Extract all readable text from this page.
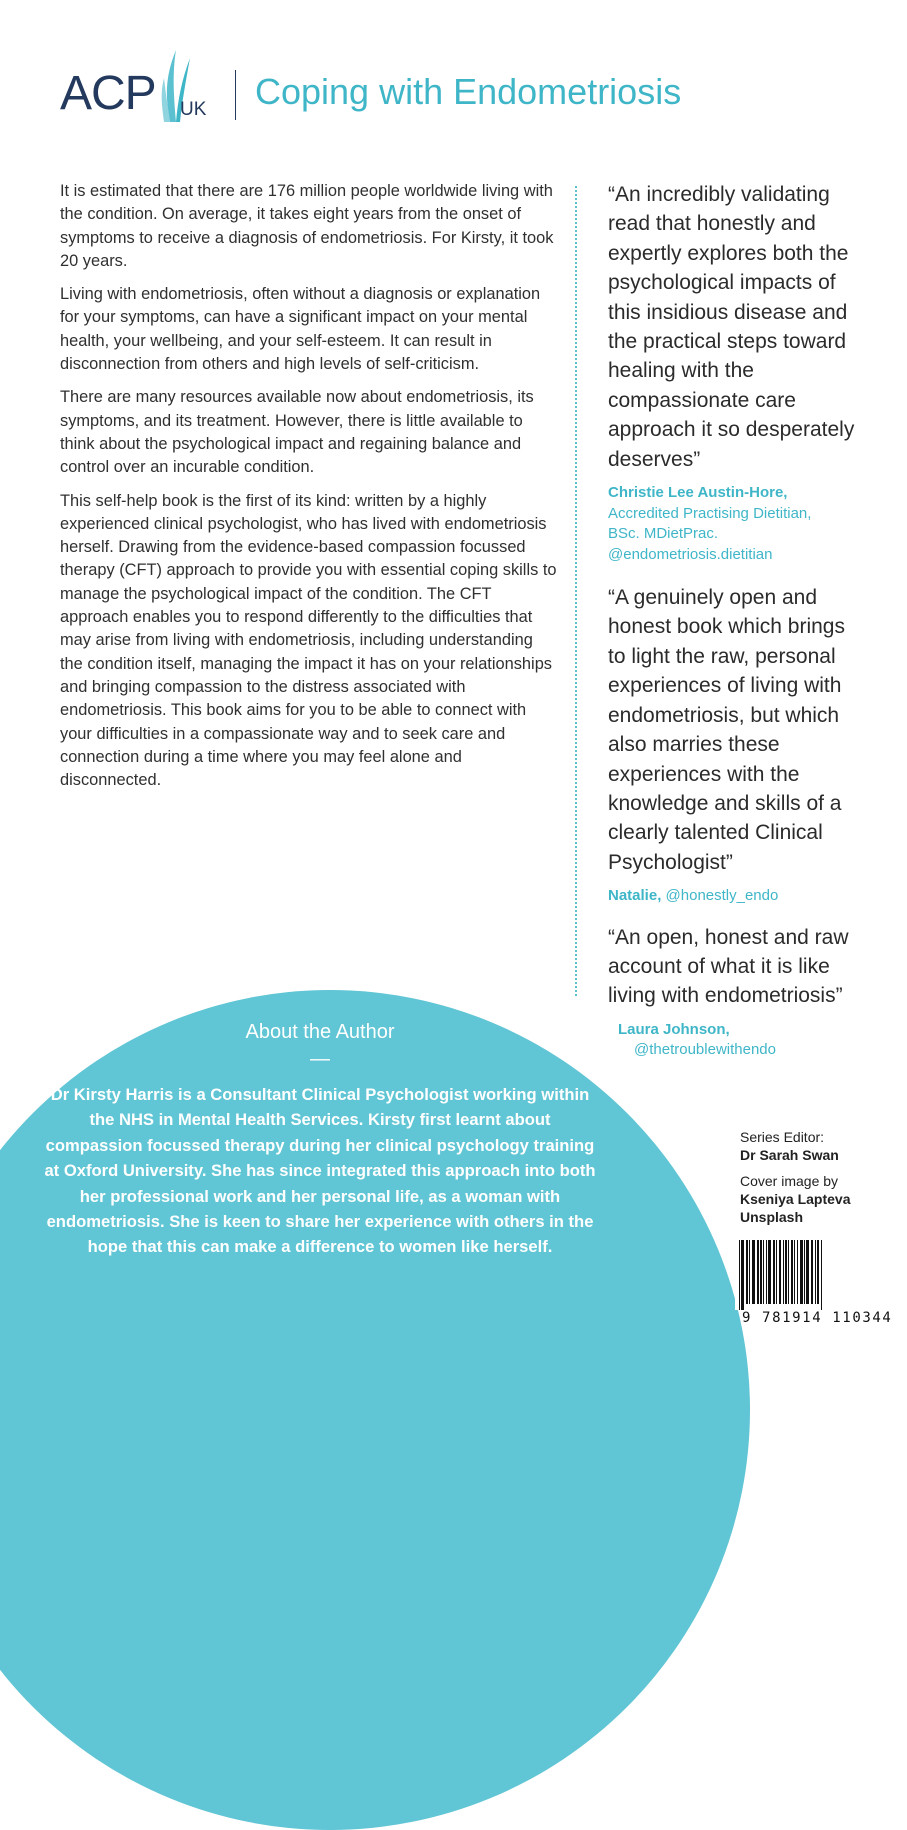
ACP UK Coping with Endometriosis

It is estimated that there are 176 million people worldwide living with the condition. On average, it takes eight years from the onset of symptoms to receive a diagnosis of endometriosis. For Kirsty, it took 20 years.

Living with endometriosis, often without a diagnosis or explanation for your symptoms, can have a significant impact on your mental health, your wellbeing, and your self-esteem. It can result in disconnection from others and high levels of self-criticism.

There are many resources available now about endometriosis, its symptoms, and its treatment. However, there is little available to think about the psychological impact and regaining balance and control over an incurable condition.

This self-help book is the first of its kind: written by a highly experienced clinical psychologist, who has lived with endometriosis herself. Drawing from the evidence-based compassion focussed therapy (CFT) approach to provide you with essential coping skills to manage the psychological impact of the condition. The CFT approach enables you to respond differently to the difficulties that may arise from living with endometriosis, including understanding the condition itself, managing the impact it has on your relationships and bringing compassion to the distress associated with endometriosis. This book aims for you to be able to connect with your difficulties in a compassionate way and to seek care and connection during a time where you may feel alone and disconnected.

“An incredibly validating read that honestly and expertly explores both the psychological impacts of this insidious disease and the practical steps toward healing with the compassionate care approach it so desperately deserves”

Christie Lee Austin-Hore,
Accredited Practising Dietitian,
BSc. MDietPrac.
@endometriosis.dietitian

“A genuinely open and honest book which brings to light the raw, personal experiences of living with endometriosis, but which also marries these experiences with the knowledge and skills of a clearly talented Clinical Psychologist”

Natalie, @honestly_endo

“An open, honest and raw account of what it is like living with endometriosis”

Laura Johnson,
@thetroublewithendo
About the Author
—
Dr Kirsty Harris is a Consultant Clinical Psychologist working within the NHS in Mental Health Services. Kirsty first learnt about compassion focussed therapy during her clinical psychology training at Oxford University. She has since integrated this approach into both her professional work and her personal life, as a woman with endometriosis. She is keen to share her experience with others in the hope that this can make a difference to women like herself.
Series Editor:
Dr Sarah Swan
Cover image by
Kseniya Lapteva
Unsplash
9 781914 110344
